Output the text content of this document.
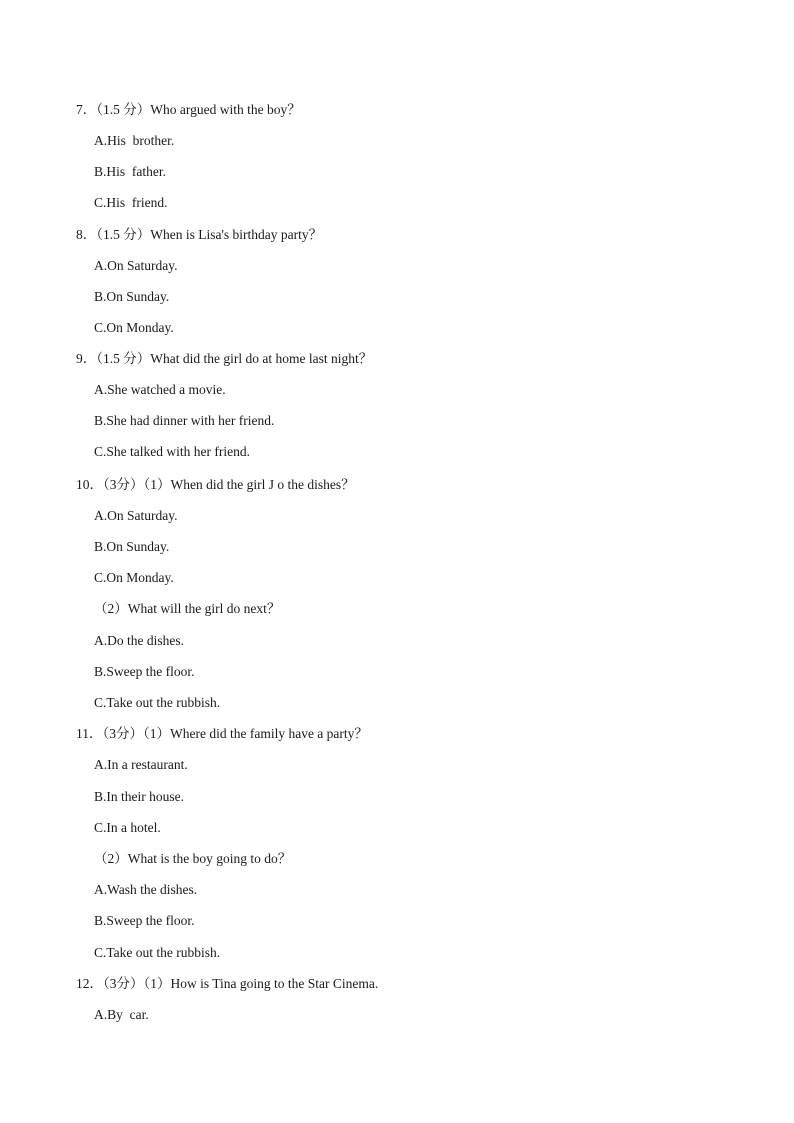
7．（1.5 分）Who argued with the boy？
A.His  brother.
B.His  father.
C.His  friend.
8．（1.5 分）When is Lisa's birthday party？
A.On Saturday.
B.On Sunday.
C.On Monday.
9．（1.5 分）What did the girl do at home last night？
A.She watched a movie.
B.She had dinner with her friend.
C.She talked with her friend.
10．（3分）（1）When did the girl J o the dishes？
A.On Saturday.
B.On Sunday.
C.On Monday.
（2）What will the girl do next？
A.Do the dishes.
B.Sweep the floor.
C.Take out the rubbish.
11．（3分）（1）Where did the family have a party？
A.In a restaurant.
B.In their house.
C.In a hotel.
（2）What is the boy going to do？
A.Wash the dishes.
B.Sweep the floor.
C.Take out the rubbish.
12．（3分）（1）How is Tina going to the Star Cinema.
A.By  car.
